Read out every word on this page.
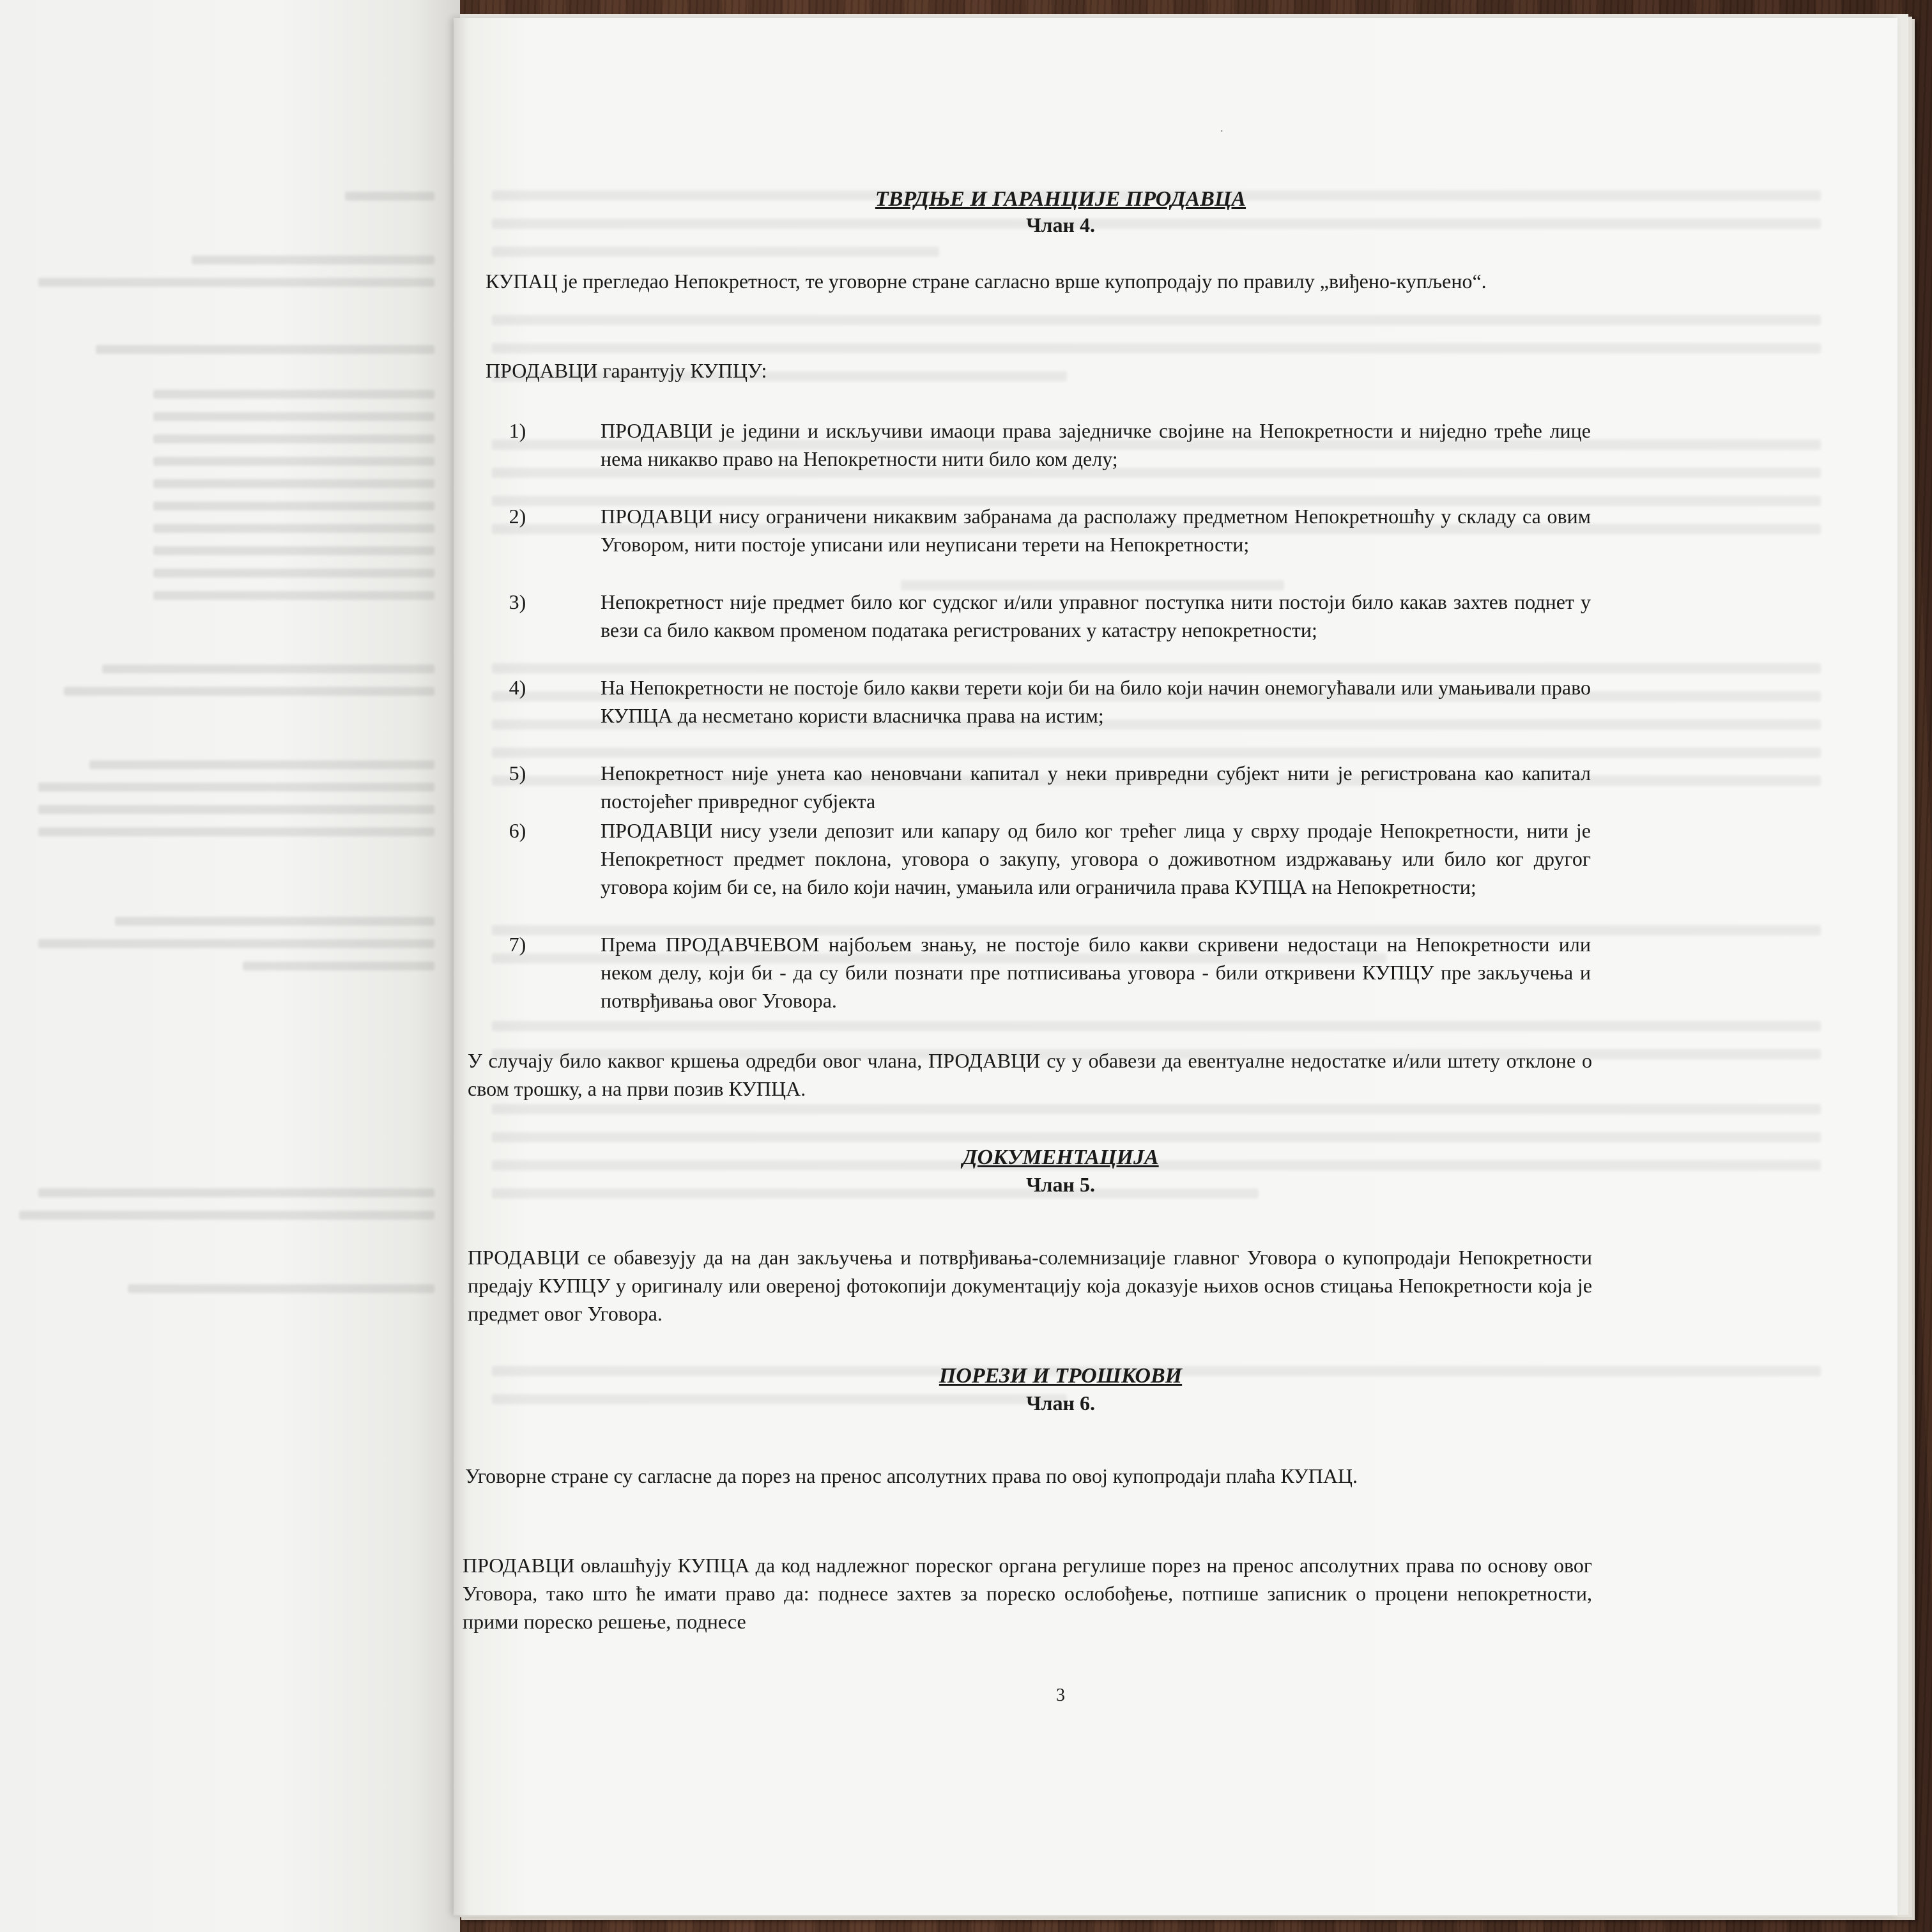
.
ТВРДЊЕ И ГАРАНЦИЈЕ ПРОДАВЦА
Члан 4.
КУПАЦ је прегледао Непокретност, те уговорне стране сагласно врше купопродају по правилу „виђено-купљено“.
ПРОДАВЦИ гарантују КУПЦУ:
1)	ПРОДАВЦИ је једини и искључиви имаоци права заједничке својине на Непокретности и ниједно треће лице нема никакво право на Непокретности нити било ком делу;
2)	ПРОДАВЦИ нису ограничени никаквим забранама да располажу предметном Непокретношћу у складу са овим Уговором, нити постоје уписани или неуписани терети на Непокретности;
3)	Непокретност није предмет било ког судског и/или управног поступка нити постоји било какав захтев поднет у вези са било каквом променом података регистрованих у катастру непокретности;
4)	На Непокретности не постоје било какви терети који би на било који начин онемогућавали или умањивали право КУПЦА да несметано користи власничка права на истим;
5)	Непокретност није унета као неновчани капитал у неки привредни субјект нити је регистрована као капитал постојећег привредног субјекта
6)	ПРОДАВЦИ нису узели депозит или капару од било ког трећег лица у сврху продаје Непокретности, нити је Непокретност предмет поклона, уговора о закупу, уговора о доживотном издржавању или било ког другог уговора којим би се, на било који начин, умањила или ограничила права КУПЦА на Непокретности;
7)	Према ПРОДАВЧЕВОМ најбољем знању, не постоје било какви скривени недостаци на Непокретности или неком делу, који би - да су били познати пре потписивања уговора - били откривени КУПЦУ пре закључења и потврђивања овог Уговора.
У случају било каквог кршења одредби овог члана, ПРОДАВЦИ су у обавези да евентуалне недостатке и/или штету отклоне о свом трошку, а на први позив КУПЦА.
ДОКУМЕНТАЦИЈА
Члан 5.
ПРОДАВЦИ се обавезују да на дан закључења и потврђивања-солемнизације главног Уговора о купопродаји Непокретности предају КУПЦУ у оригиналу или овереној фотокопији документацију која доказује њихов основ стицања Непокретности која је предмет овог Уговора.
ПОРЕЗИ И ТРОШКОВИ
Члан 6.
Уговорне стране су сагласне да порез на пренос апсолутних права по овој купопродаји плаћа КУПАЦ.
ПРОДАВЦИ овлашћују КУПЦА да код надлежног пореског органа регулише порез на пренос апсолутних права по основу овог Уговора, тако што ће имати право да: поднесе захтев за пореско ослобођење, потпише записник о процени непокретности, прими пореско решење, поднесе
3
